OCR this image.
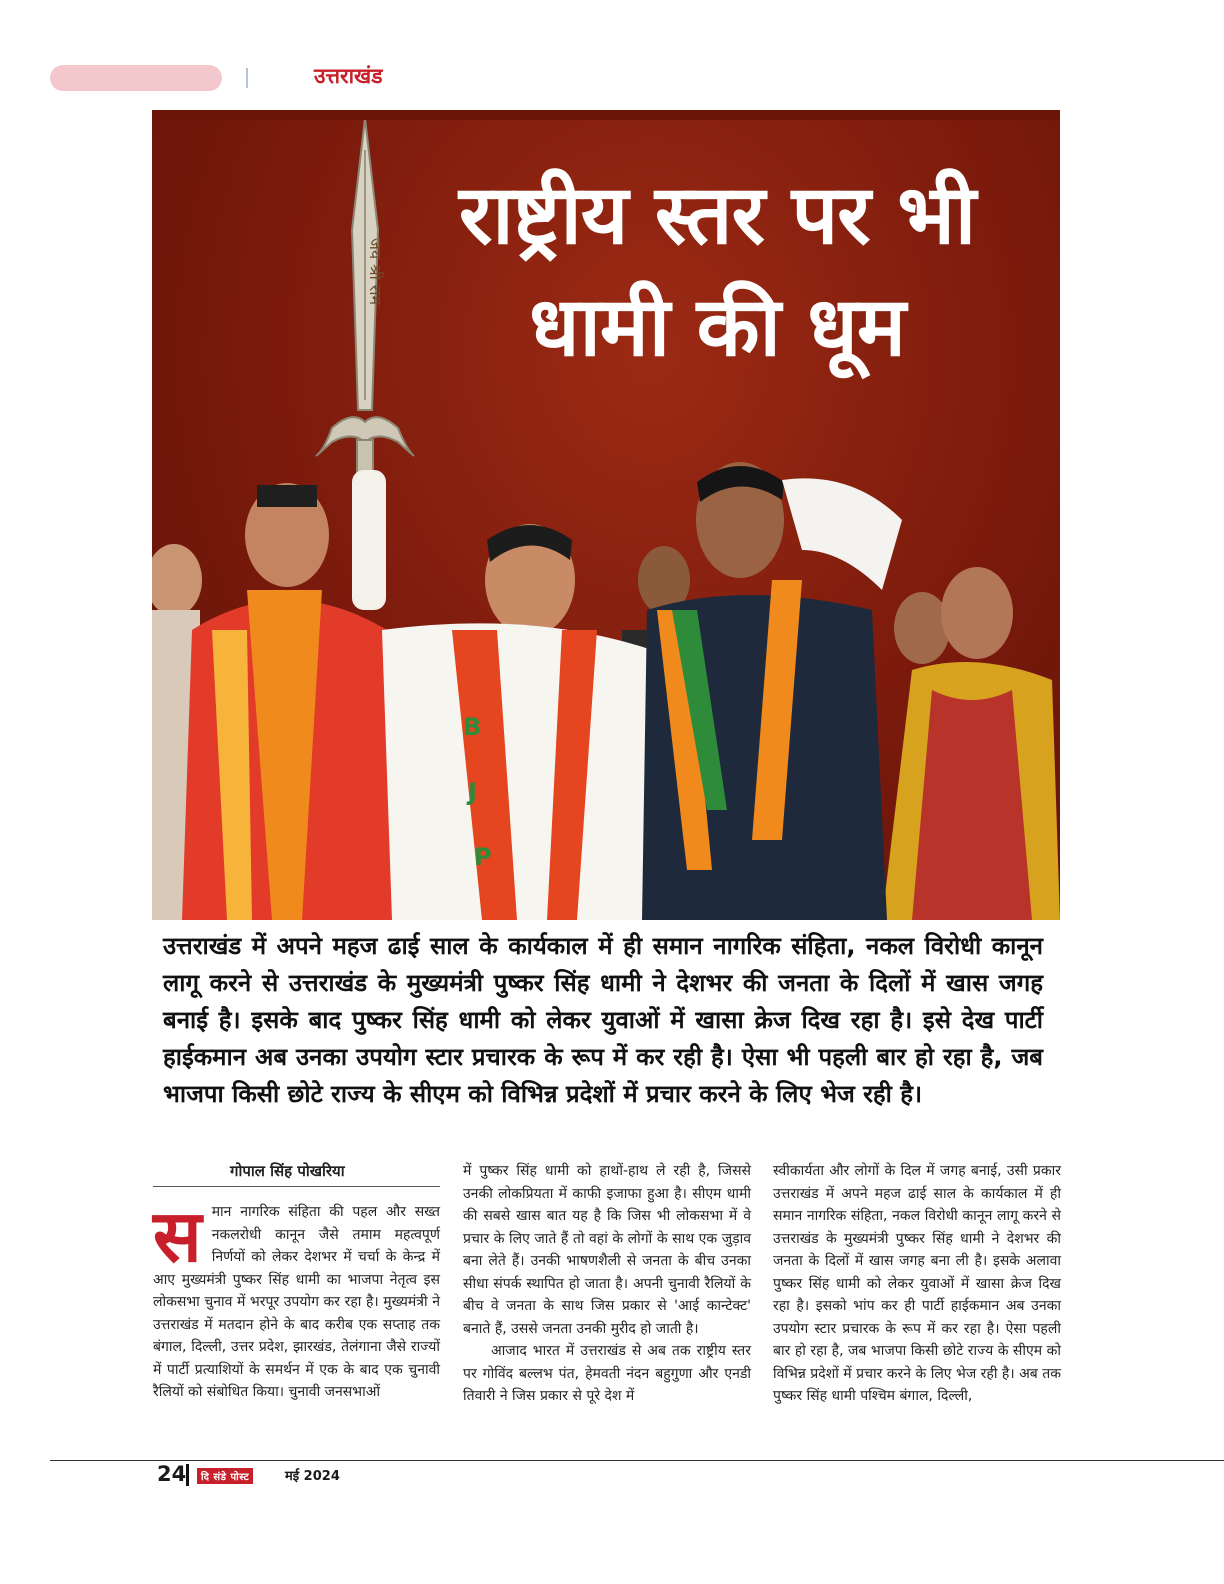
उत्तराखंड
जय श्री राम
B
J
P
राष्ट्रीय स्तर पर भी
धामी की धूम

उत्तराखंड में अपने महज ढाई साल के कार्यकाल में ही समान नागरिक संहिता, नकल विरोधी कानून लागू करने से उत्तराखंड के मुख्यमंत्री पुष्कर सिंह धामी ने देशभर की जनता के दिलों में खास जगह बनाई है। इसके बाद पुष्कर सिंह धामी को लेकर युवाओं में खासा क्रेज दिख रहा है। इसे देख पार्टी हाईकमान अब उनका उपयोग स्टार प्रचारक के रूप में कर रही है। ऐसा भी पहली बार हो रहा है, जब भाजपा किसी छोटे राज्य के सीएम को विभिन्न प्रदेशों में प्रचार करने के लिए भेज रही है।

गोपाल सिंह पोखरिया
स मान नागरिक संहिता की पहल और सख्त नकलरोधी कानून जैसे तमाम महत्वपूर्ण निर्णयों को लेकर देशभर में चर्चा के केन्द्र में आए मुख्यमंत्री पुष्कर सिंह धामी का भाजपा नेतृत्व इस लोकसभा चुनाव में भरपूर उपयोग कर रहा है। मुख्यमंत्री ने उत्तराखंड में मतदान होने के बाद करीब एक सप्ताह तक बंगाल, दिल्ली, उत्तर प्रदेश, झारखंड, तेलंगाना जैसे राज्यों में पार्टी प्रत्याशियों के समर्थन में एक के बाद एक चुनावी रैलियों को संबोधित किया। चुनावी जनसभाओं

में पुष्कर सिंह धामी को हाथों-हाथ ले रही है, जिससे उनकी लोकप्रियता में काफी इजाफा हुआ है। सीएम धामी की सबसे खास बात यह है कि जिस भी लोकसभा में वे प्रचार के लिए जाते हैं तो वहां के लोगों के साथ एक जुड़ाव बना लेते हैं। उनकी भाषणशैली से जनता के बीच उनका सीधा संपर्क स्थापित हो जाता है। अपनी चुनावी रैलियों के बीच वे जनता के साथ जिस प्रकार से 'आई कान्टेक्ट' बनाते हैं, उससे जनता उनकी मुरीद हो जाती है।

आजाद भारत में उत्तराखंड से अब तक राष्ट्रीय स्तर पर गोविंद बल्लभ पंत, हेमवती नंदन बहुगुणा और एनडी तिवारी ने जिस प्रकार से पूरे देश में

स्वीकार्यता और लोगों के दिल में जगह बनाई, उसी प्रकार उत्तराखंड में अपने महज ढाई साल के कार्यकाल में ही समान नागरिक संहिता, नकल विरोधी कानून लागू करने से उत्तराखंड के मुख्यमंत्री पुष्कर सिंह धामी ने देशभर की जनता के दिलों में खास जगह बना ली है। इसके अलावा पुष्कर सिंह धामी को लेकर युवाओं में खासा क्रेज दिख रहा है। इसको भांप कर ही पार्टी हाईकमान अब उनका उपयोग स्टार प्रचारक के रूप में कर रहा है। ऐसा पहली बार हो रहा है, जब भाजपा किसी छोटे राज्य के सीएम को विभिन्न प्रदेशों में प्रचार करने के लिए भेज रही है। अब तक पुष्कर सिंह धामी पश्चिम बंगाल, दिल्ली,

24	दि संडे पोस्ट	मई 2024
